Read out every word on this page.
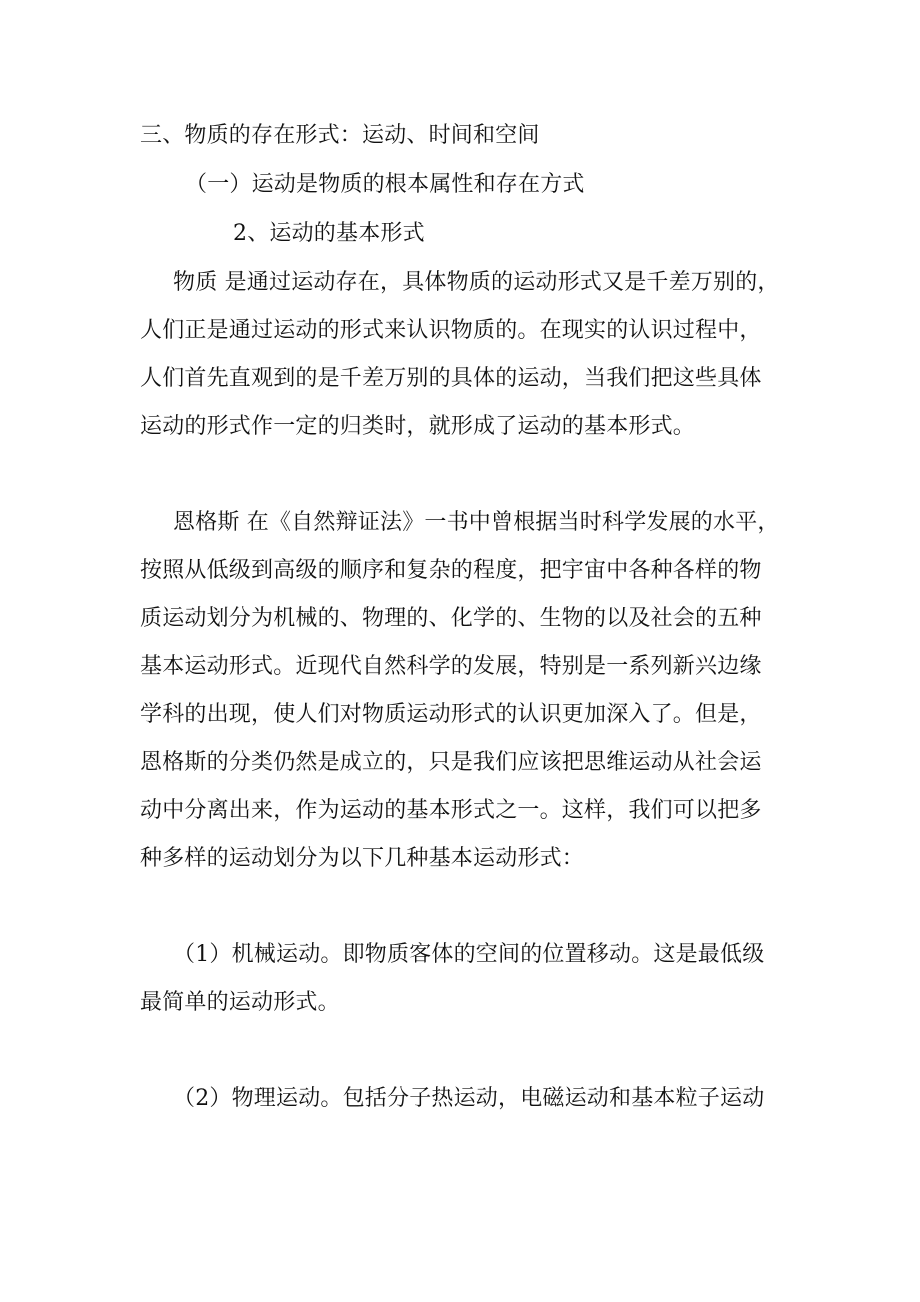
三、物质的存在形式：运动、时间和空间
（一）运动是物质的根本属性和存在方式
2、运动的基本形式
物质 是通过运动存在，具体物质的运动形式又是千差万别的，
人们正是通过运动的形式来认识物质的。在现实的认识过程中，
人们首先直观到的是千差万别的具体的运动，当我们把这些具体
运动的形式作一定的归类时，就形成了运动的基本形式。
恩格斯 在《自然辩证法》一书中曾根据当时科学发展的水平，
按照从低级到高级的顺序和复杂的程度，把宇宙中各种各样的物
质运动划分为机械的、物理的、化学的、生物的以及社会的五种
基本运动形式。近现代自然科学的发展，特别是一系列新兴边缘
学科的出现，使人们对物质运动形式的认识更加深入了。但是，
恩格斯的分类仍然是成立的，只是我们应该把思维运动从社会运
动中分离出来，作为运动的基本形式之一。这样，我们可以把多
种多样的运动划分为以下几种基本运动形式：
（1）机械运动。即物质客体的空间的位置移动。这是最低级
最简单的运动形式。
（2）物理运动。包括分子热运动，电磁运动和基本粒子运动
